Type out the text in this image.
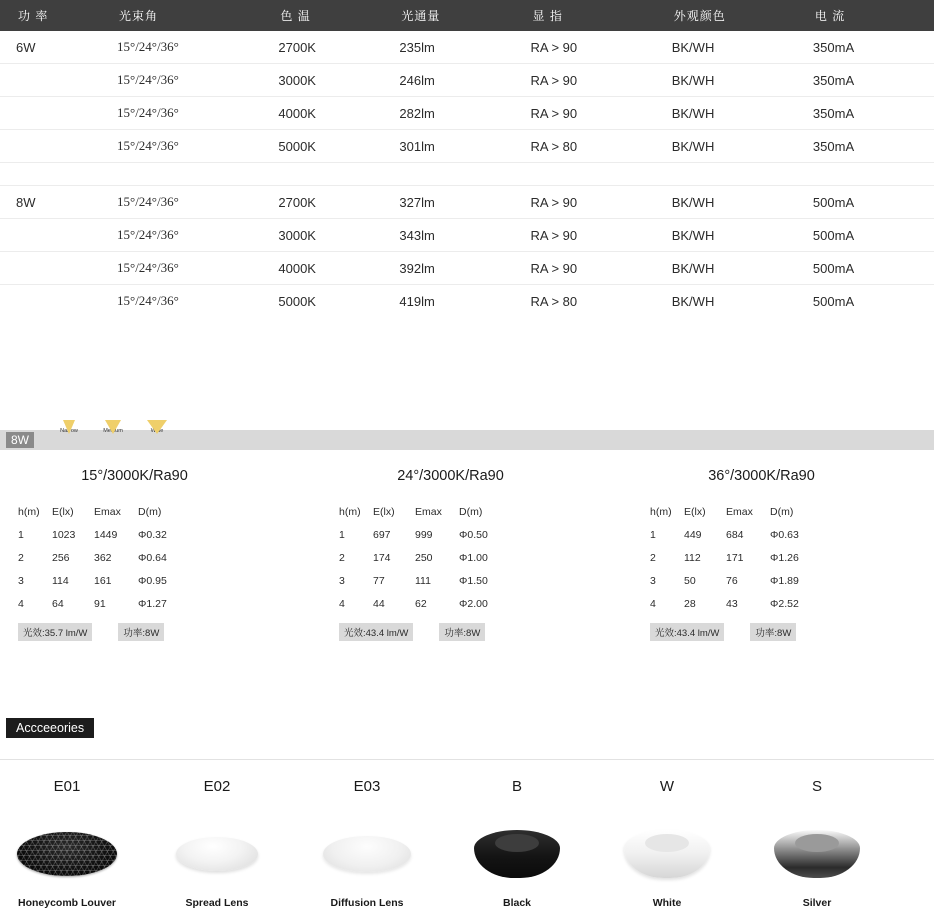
功 率	光束角	色 温	光通量	显 指	外观颜色	电 流

6W	15°/24°/36°	2700K	235lm	RA > 90	BK/WH	350mA
	15°/24°/36°	3000K	246lm	RA > 90	BK/WH	350mA
	15°/24°/36°	4000K	282lm	RA > 90	BK/WH	350mA
	15°/24°/36°	5000K	301lm	RA > 80	BK/WH	350mA

8W	15°/24°/36°	2700K	327lm	RA > 90	BK/WH	500mA
	15°/24°/36°	3000K	343lm	RA > 90	BK/WH	500mA
	15°/24°/36°	4000K	392lm	RA > 90	BK/WH	500mA
	15°/24°/36°	5000K	419lm	RA > 80	BK/WH	500mA
8W
Narrow	Medium	Wide
15°/3000K/Ra90
h(m)	E(lx)	Emax	D(m)
1	1023	1449	Φ0.32
2	256	362	Φ0.64
3	114	161	Φ0.95
4	64	91	Φ1.27
光效:35.7 lm/W	功率:8W
24°/3000K/Ra90
h(m)	E(lx)	Emax	D(m)
1	697	999	Φ0.50
2	174	250	Φ1.00
3	77	111	Φ1.50
4	44	62	Φ2.00
光效:43.4 lm/W	功率:8W
36°/3000K/Ra90
h(m)	E(lx)	Emax	D(m)
1	449	684	Φ0.63
2	112	171	Φ1.26
3	50	76	Φ1.89
4	28	43	Φ2.52
光效:43.4 lm/W	功率:8W
Accceeories
E01
Honeycomb Louver
E02
Spread Lens
E03
Diffusion Lens
B
Black
W
White
S
Silver
